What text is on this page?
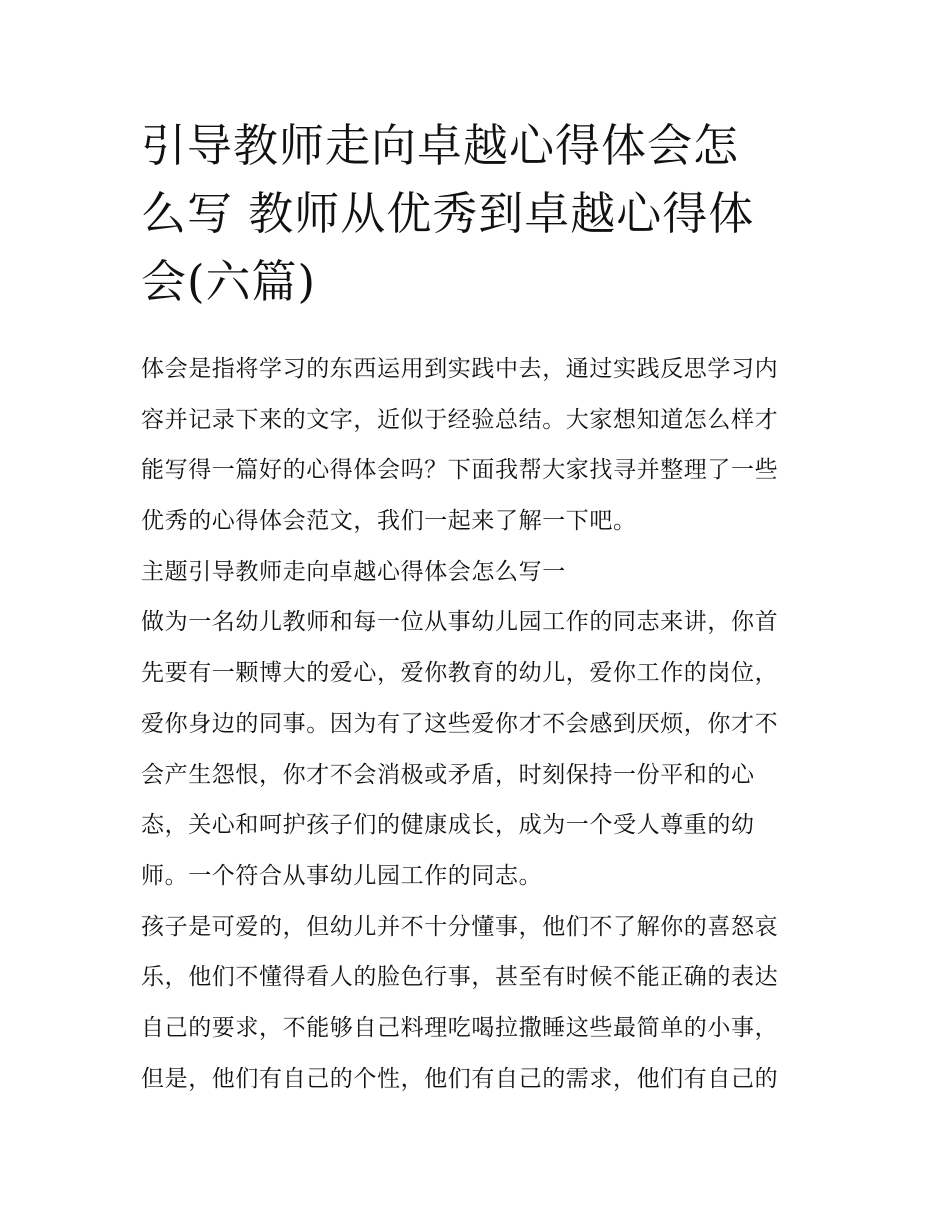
引导教师走向卓越心得体会怎
么写 教师从优秀到卓越心得体
会(六篇)
体会是指将学习的东西运用到实践中去，通过实践反思学习内
容并记录下来的文字，近似于经验总结。大家想知道怎么样才
能写得一篇好的心得体会吗？下面我帮大家找寻并整理了一些
优秀的心得体会范文，我们一起来了解一下吧。
主题引导教师走向卓越心得体会怎么写一
做为一名幼儿教师和每一位从事幼儿园工作的同志来讲，你首
先要有一颗博大的爱心，爱你教育的幼儿，爱你工作的岗位，
爱你身边的同事。因为有了这些爱你才不会感到厌烦，你才不
会产生怨恨，你才不会消极或矛盾，时刻保持一份平和的心
态，关心和呵护孩子们的健康成长，成为一个受人尊重的幼
师。一个符合从事幼儿园工作的同志。
孩子是可爱的，但幼儿并不十分懂事，他们不了解你的喜怒哀
乐，他们不懂得看人的脸色行事，甚至有时候不能正确的表达
自己的要求，不能够自己料理吃喝拉撒睡这些最简单的小事，
但是，他们有自己的个性，他们有自己的需求，他们有自己的
